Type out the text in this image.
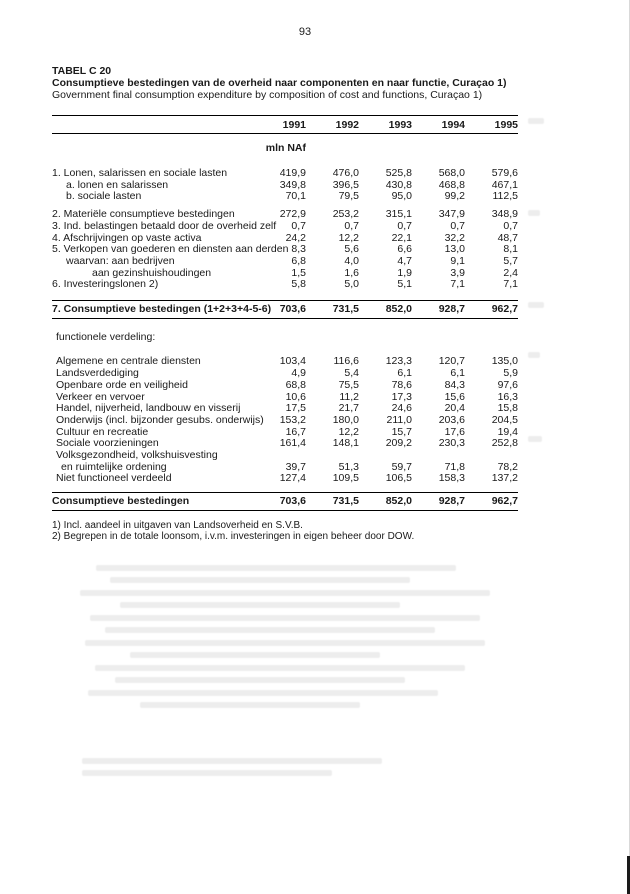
93
TABEL C 20
Consumptieve bestedingen van de overheid naar componenten en naar functie, Curaçao 1)
Government final consumption expenditure by composition of cost and functions, Curaçao 1)
1991	1992	1993	1994	1995
mln NAf
1. Lonen, salarissen en sociale lasten	419,9	476,0	525,8	568,0	579,6
a. lonen en salarissen	349,8	396,5	430,8	468,8	467,1
b. sociale lasten	70,1	79,5	95,0	99,2	112,5
2. Materiële consumptieve bestedingen	272,9	253,2	315,1	347,9	348,9
3. Ind. belastingen betaald door de overheid zelf	0,7	0,7	0,7	0,7	0,7
4. Afschrijvingen op vaste activa	24,2	12,2	22,1	32,2	48,7
5. Verkopen van goederen en diensten aan derden 8,3	5,6	6,6	13,0	8,1
waarvan: aan bedrijven	6,8	4,0	4,7	9,1	5,7
aan gezinshuishoudingen	1,5	1,6	1,9	3,9	2,4
6. Investeringslonen 2)	5,8	5,0	5,1	7,1	7,1
7. Consumptieve bestedingen (1+2+3+4-5-6) 703,6	731,5	852,0	928,7	962,7
functionele verdeling:
Algemene en centrale diensten	103,4	116,6	123,3	120,7	135,0
Landsverdediging	4,9	5,4	6,1	6,1	5,9
Openbare orde en veiligheid	68,8	75,5	78,6	84,3	97,6
Verkeer en vervoer	10,6	11,2	17,3	15,6	16,3
Handel, nijverheid, landbouw en visserij	17,5	21,7	24,6	20,4	15,8
Onderwijs (incl. bijzonder gesubs. onderwijs)	153,2	180,0	211,0	203,6	204,5
Cultuur en recreatie	16,7	12,2	15,7	17,6	19,4
Sociale voorzieningen	161,4	148,1	209,2	230,3	252,8
Volksgezondheid, volkshuisvesting
en ruimtelijke ordening	39,7	51,3	59,7	71,8	78,2
Niet functioneel verdeeld	127,4	109,5	106,5	158,3	137,2
Consumptieve bestedingen	703,6	731,5	852,0	928,7	962,7
1) Incl. aandeel in uitgaven van Landsoverheid en S.V.B.
2) Begrepen in de totale loonsom, i.v.m. investeringen in eigen beheer door DOW.
